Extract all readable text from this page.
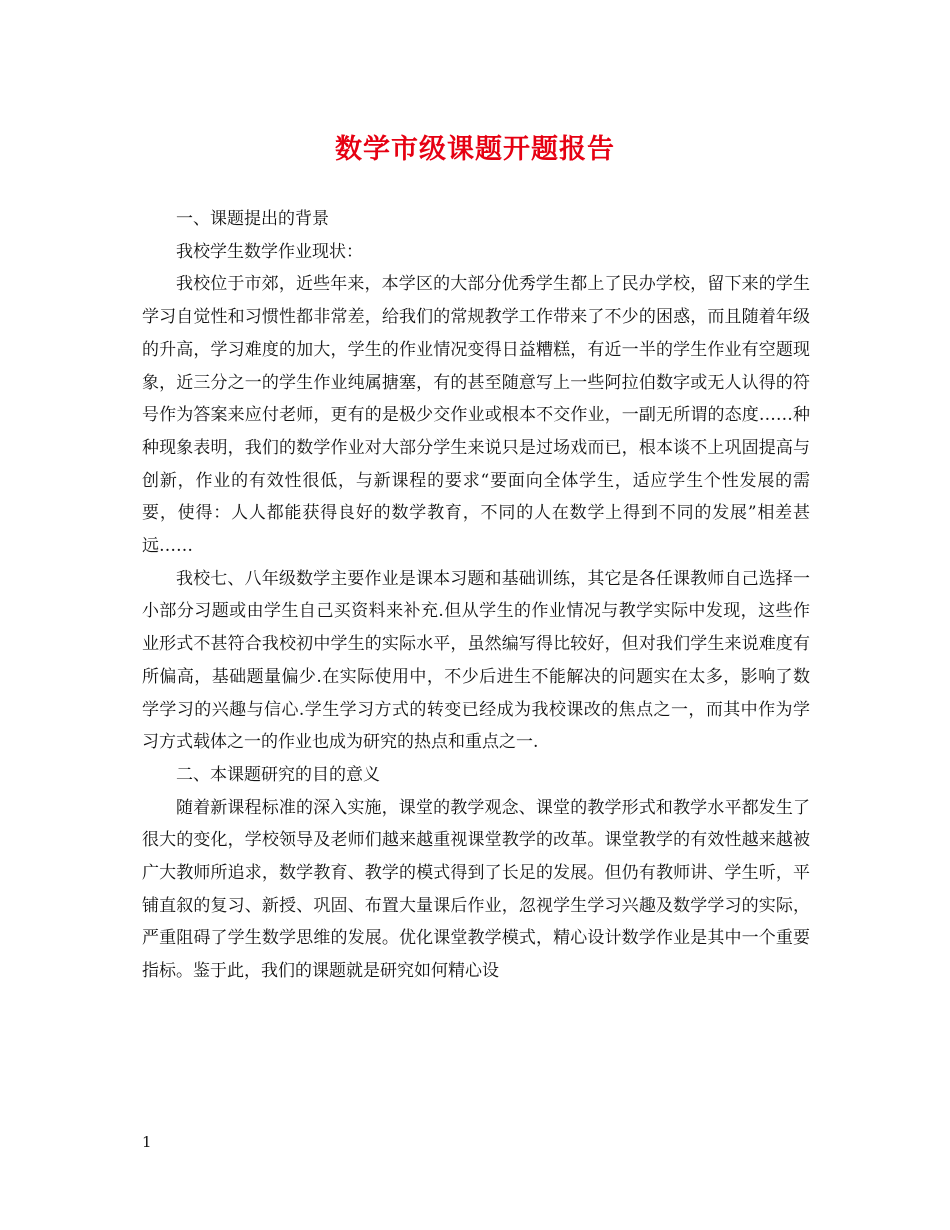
数学市级课题开题报告

一、课题提出的背景

我校学生数学作业现状：

我校位于市郊，近些年来，本学区的大部分优秀学生都上了民办学校，留下来的学生学习自觉性和习惯性都非常差，给我们的常规教学工作带来了不少的困惑，而且随着年级的升高，学习难度的加大，学生的作业情况变得日益糟糕，有近一半的学生作业有空题现象，近三分之一的学生作业纯属搪塞，有的甚至随意写上一些阿拉伯数字或无人认得的符号作为答案来应付老师，更有的是极少交作业或根本不交作业，一副无所谓的态度……种种现象表明，我们的数学作业对大部分学生来说只是过场戏而已，根本谈不上巩固提高与创新，作业的有效性很低，与新课程的要求“要面向全体学生，适应学生个性发展的需要，使得：人人都能获得良好的数学教育，不同的人在数学上得到不同的发展”相差甚远……

我校七、八年级数学主要作业是课本习题和基础训练，其它是各任课教师自己选择一小部分习题或由学生自己买资料来补充.但从学生的作业情况与教学实际中发现，这些作业形式不甚符合我校初中学生的实际水平，虽然编写得比较好，但对我们学生来说难度有所偏高，基础题量偏少.在实际使用中，不少后进生不能解决的问题实在太多，影响了数学学习的兴趣与信心.学生学习方式的转变已经成为我校课改的焦点之一，而其中作为学习方式载体之一的作业也成为研究的热点和重点之一.

二、本课题研究的目的意义

随着新课程标准的深入实施，课堂的教学观念、课堂的教学形式和教学水平都发生了很大的变化，学校领导及老师们越来越重视课堂教学的改革。课堂教学的有效性越来越被广大教师所追求，数学教育、教学的模式得到了长足的发展。但仍有教师讲、学生听，平铺直叙的复习、新授、巩固、布置大量课后作业，忽视学生学习兴趣及数学学习的实际，严重阻碍了学生数学思维的发展。优化课堂教学模式，精心设计数学作业是其中一个重要指标。鉴于此，我们的课题就是研究如何精心设

1
